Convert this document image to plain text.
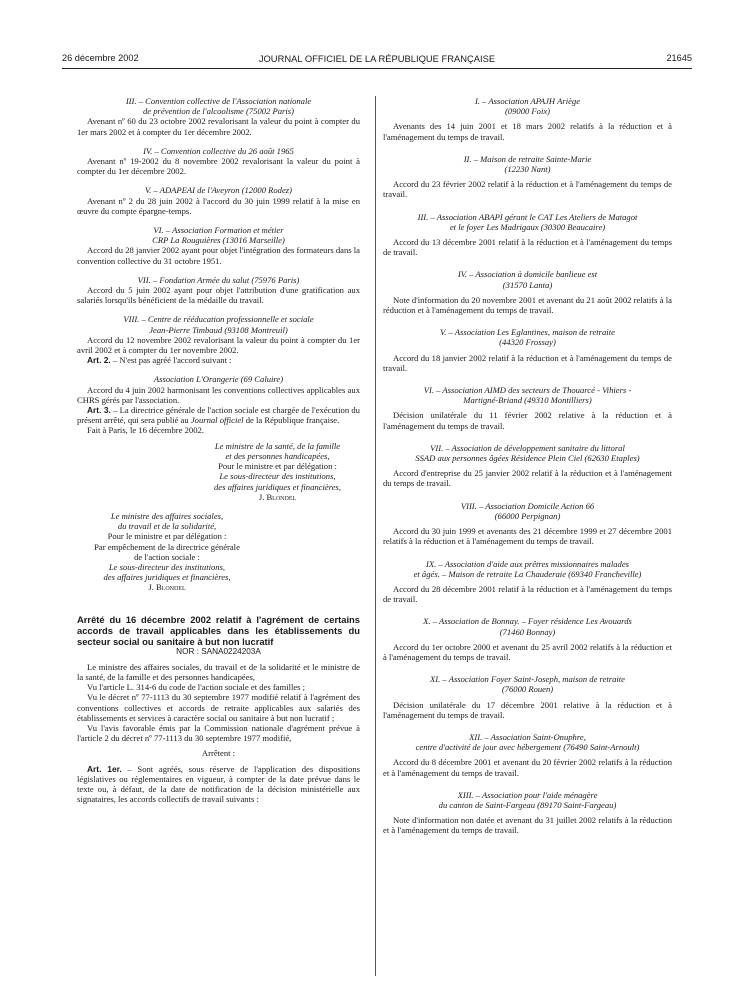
26 décembre 2002	JOURNAL OFFICIEL DE LA RÉPUBLIQUE FRANÇAISE	21645
III. – Convention collective de l'Association nationale
de prévention de l'alcoolisme (75002 Paris)

Avenant nº 60 du 23 octobre 2002 revalorisant la valeur du point à compter du 1er mars 2002 et à compter du 1er décembre 2002.

IV. – Convention collective du 26 août 1965

Avenant nº 19-2002 du 8 novembre 2002 revalorisant la valeur du point à compter du 1er décembre 2002.

V. – ADAPEAI de l'Aveyron (12000 Rodez)

Avenant nº 2 du 28 juin 2002 à l'accord du 30 juin 1999 relatif à la mise en œuvre du compte épargne-temps.

VI. – Association Formation et métier
CRP La Rouguières (13016 Marseille)

Accord du 28 janvier 2002 ayant pour objet l'intégration des formateurs dans la convention collective du 31 octobre 1951.

VII. – Fondation Armée du salut (75976 Paris)

Accord du 5 juin 2002 ayant pour objet l'attribution d'une gratification aux salariés lorsqu'ils bénéficient de la médaille du travail.

VIII. – Centre de rééducation professionnelle et sociale
Jean-Pierre Timbaud (93108 Montreuil)

Accord du 12 novembre 2002 revalorisant la valeur du point à compter du 1er avril 2002 et à compter du 1er novembre 2002.

Art. 2. – N'est pas agréé l'accord suivant :

Association L'Orangerie (69 Caluire)

Accord du 4 juin 2002 harmonisant les conventions collectives applicables aux CHRS gérés par l'association.

Art. 3. – La directrice générale de l'action sociale est chargée de l'exécution du présent arrêté, qui sera publié au Journal officiel de la République française.

Fait à Paris, le 16 décembre 2002.

Le ministre de la santé, de la famille
et des personnes handicapées,
Pour le ministre et par délégation :
Le sous-directeur des institutions,
des affaires juridiques et financières,
J. Blondel
Le ministre des affaires sociales,
du travail et de la solidarité,
Pour le ministre et par délégation :
Par empêchement de la directrice générale
de l'action sociale :
Le sous-directeur des institutions,
des affaires juridiques et financières,
J. Blondel
Arrêté du 16 décembre 2002 relatif à l'agrément de certains accords de travail applicables dans les établissements du secteur social ou sanitaire à but non lucratif
NOR : SANA0224203A

Le ministre des affaires sociales, du travail et de la solidarité et le ministre de la santé, de la famille et des personnes handicapées,

Vu l'article L. 314-6 du code de l'action sociale et des familles ;

Vu le décret nº 77-1113 du 30 septembre 1977 modifié relatif à l'agrément des conventions collectives et accords de retraite applicables aux salariés des établissements et services à caractère social ou sanitaire à but non lucratif ;

Vu l'avis favorable émis par la Commission nationale d'agrément prévue à l'article 2 du décret nº 77-1113 du 30 septembre 1977 modifié,

Arrêtent :

Art. 1er. – Sont agréés, sous réserve de l'application des dispositions législatives ou réglementaires en vigueur, à compter de la date prévue dans le texte ou, à défaut, de la date de notification de la décision ministérielle aux signataires, les accords collectifs de travail suivants :

I. – Association APAJH Ariège
(09000 Foix)

Avenants des 14 juin 2001 et 18 mars 2002 relatifs à la réduction et à l'aménagement du temps de travail.

II. – Maison de retraite Sainte-Marie
(12230 Nant)

Accord du 23 février 2002 relatif à la réduction et à l'aménagement du temps de travail.

III. – Association ABAPI gérant le CAT Les Ateliers de Matagot
et le foyer Les Madrigaux (30300 Beaucaire)

Accord du 13 décembre 2001 relatif à la réduction et à l'aménagement du temps de travail.

IV. – Association à domicile banlieue est
(31570 Lanta)

Note d'information du 20 novembre 2001 et avenant du 21 août 2002 relatifs à la réduction et à l'aménagement du temps de travail.

V. – Association Les Eglantines, maison de retraite
(44320 Frossay)

Accord du 18 janvier 2002 relatif à la réduction et à l'aménagement du temps de travail.

VI. – Association AIMD des secteurs de Thouarcé - Vihiers -
Martigné-Briand (49310 Montilliers)

Décision unilatérale du 11 février 2002 relative à la réduction et à l'aménagement du temps de travail.

VII. – Association de développement sanitaire du littoral
SSAD aux personnes âgées Résidence Plein Ciel (62630 Etaples)

Accord d'entreprise du 25 janvier 2002 relatif à la réduction et à l'aménagement du temps de travail.

VIII. – Association Domicile Action 66
(66000 Perpignan)

Accord du 30 juin 1999 et avenants des 21 décembre 1999 et 27 décembre 2001 relatifs à la réduction et à l'aménagement du temps de travail.

IX. – Association d'aide aux prêtres missionnaires malades
et âgés. – Maison de retraite La Chauderaie (69340 Francheville)

Accord du 28 décembre 2001 relatif à la réduction et à l'aménagement du temps de travail.

X. – Association de Bonnay. – Foyer résidence Les Avouards
(71460 Bonnay)

Accord du 1er octobre 2000 et avenant du 25 avril 2002 relatifs à la réduction et à l'aménagement du temps de travail.

XI. – Association Foyer Saint-Joseph, maison de retraite
(76000 Rouen)

Décision unilatérale du 17 décembre 2001 relative à la réduction et à l'aménagement du temps de travail.

XII. – Association Saint-Onuphre,
centre d'activité de jour avec hébergement (76490 Saint-Arnoult)

Accord du 8 décembre 2001 et avenant du 20 février 2002 relatifs à la réduction et à l'aménagement du temps de travail.

XIII. – Association pour l'aide ménagère
du canton de Saint-Fargeau (89170 Saint-Fargeau)

Note d'information non datée et avenant du 31 juillet 2002 relatifs à la réduction et à l'aménagement du temps de travail.
